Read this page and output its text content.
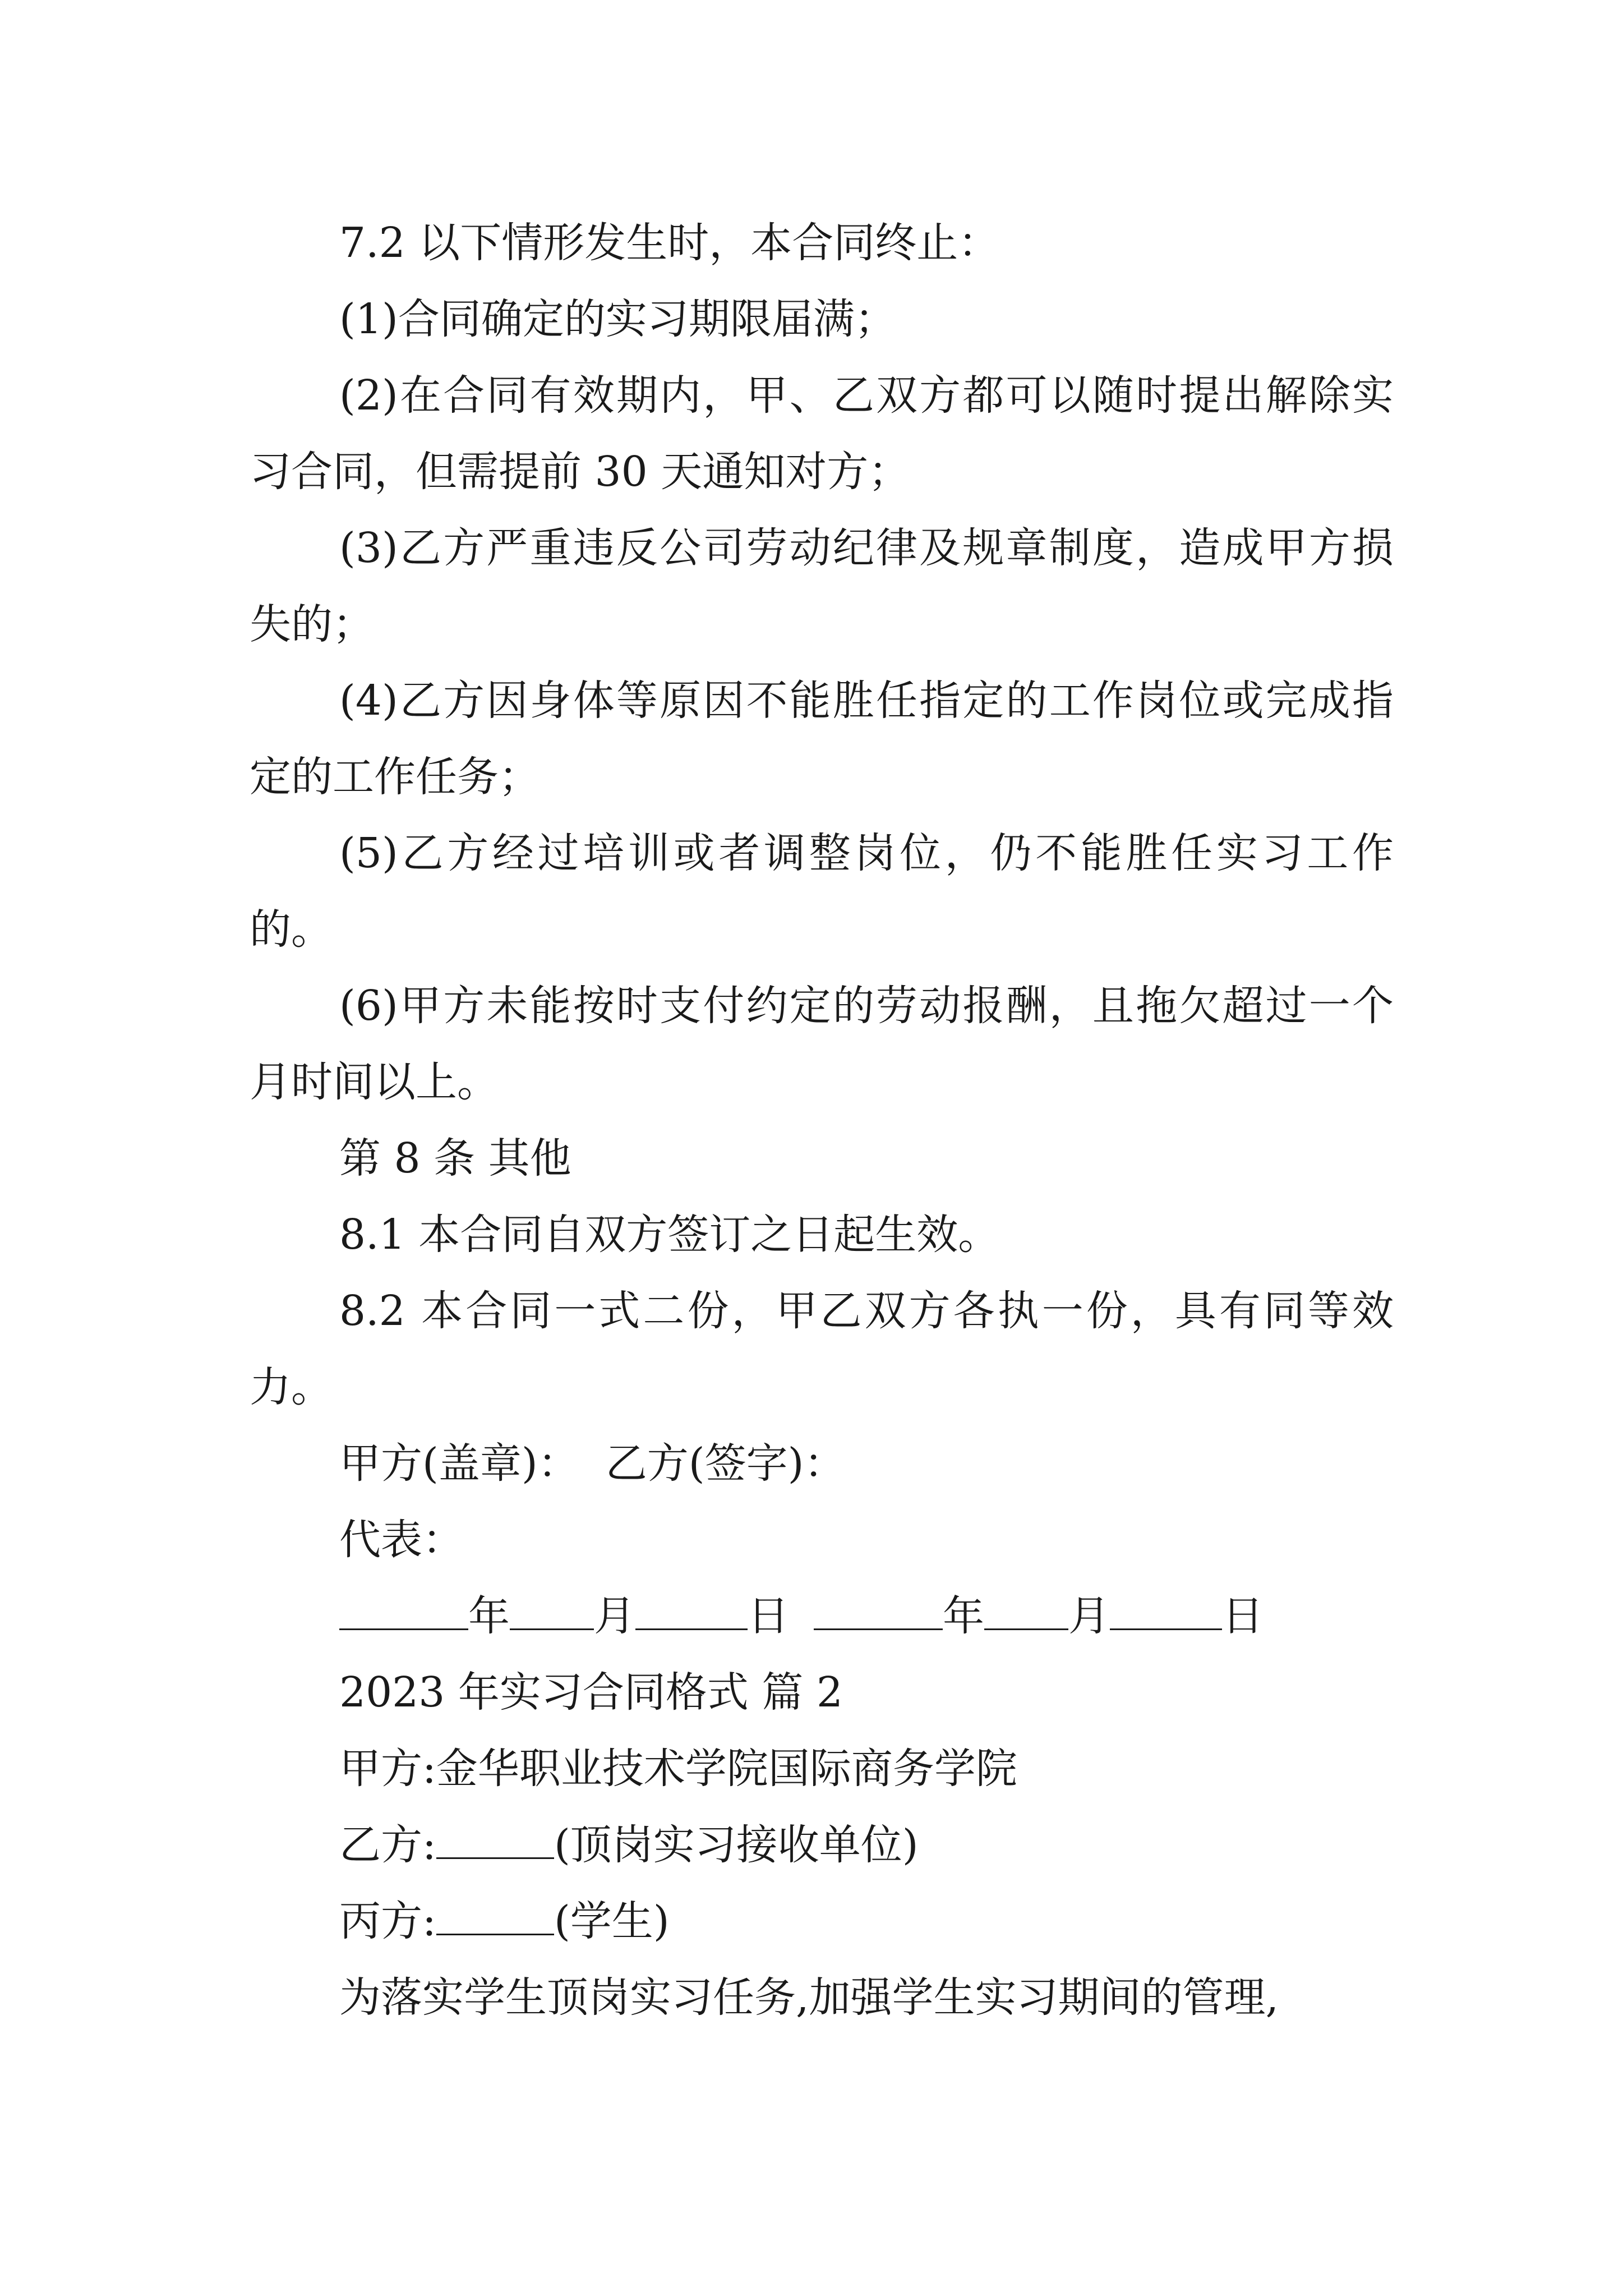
7.2 以下情形发生时，本合同终止：

(1)合同确定的实习期限届满；

(2)在合同有效期内，甲、乙双方都可以随时提出解除实习合同，但需提前 30 天通知对方；

(3)乙方严重违反公司劳动纪律及规章制度，造成甲方损失的；

(4)乙方因身体等原因不能胜任指定的工作岗位或完成指定的工作任务；

(5)乙方经过培训或者调整岗位，仍不能胜任实习工作的。

(6)甲方未能按时支付约定的劳动报酬，且拖欠超过一个月时间以上。

第 8 条 其他

8.1 本合同自双方签订之日起生效。

8.2 本合同一式二份，甲乙双方各执一份，具有同等效力。

甲方(盖章)：  乙方(签字)：

代表：

年 月	日	年 月	日

2023 年实习合同格式 篇 2

甲方:金华职业技术学院国际商务学院

乙方:	(顶岗实习接收单位)

丙方:	(学生)

为落实学生顶岗实习任务,加强学生实习期间的管理,
